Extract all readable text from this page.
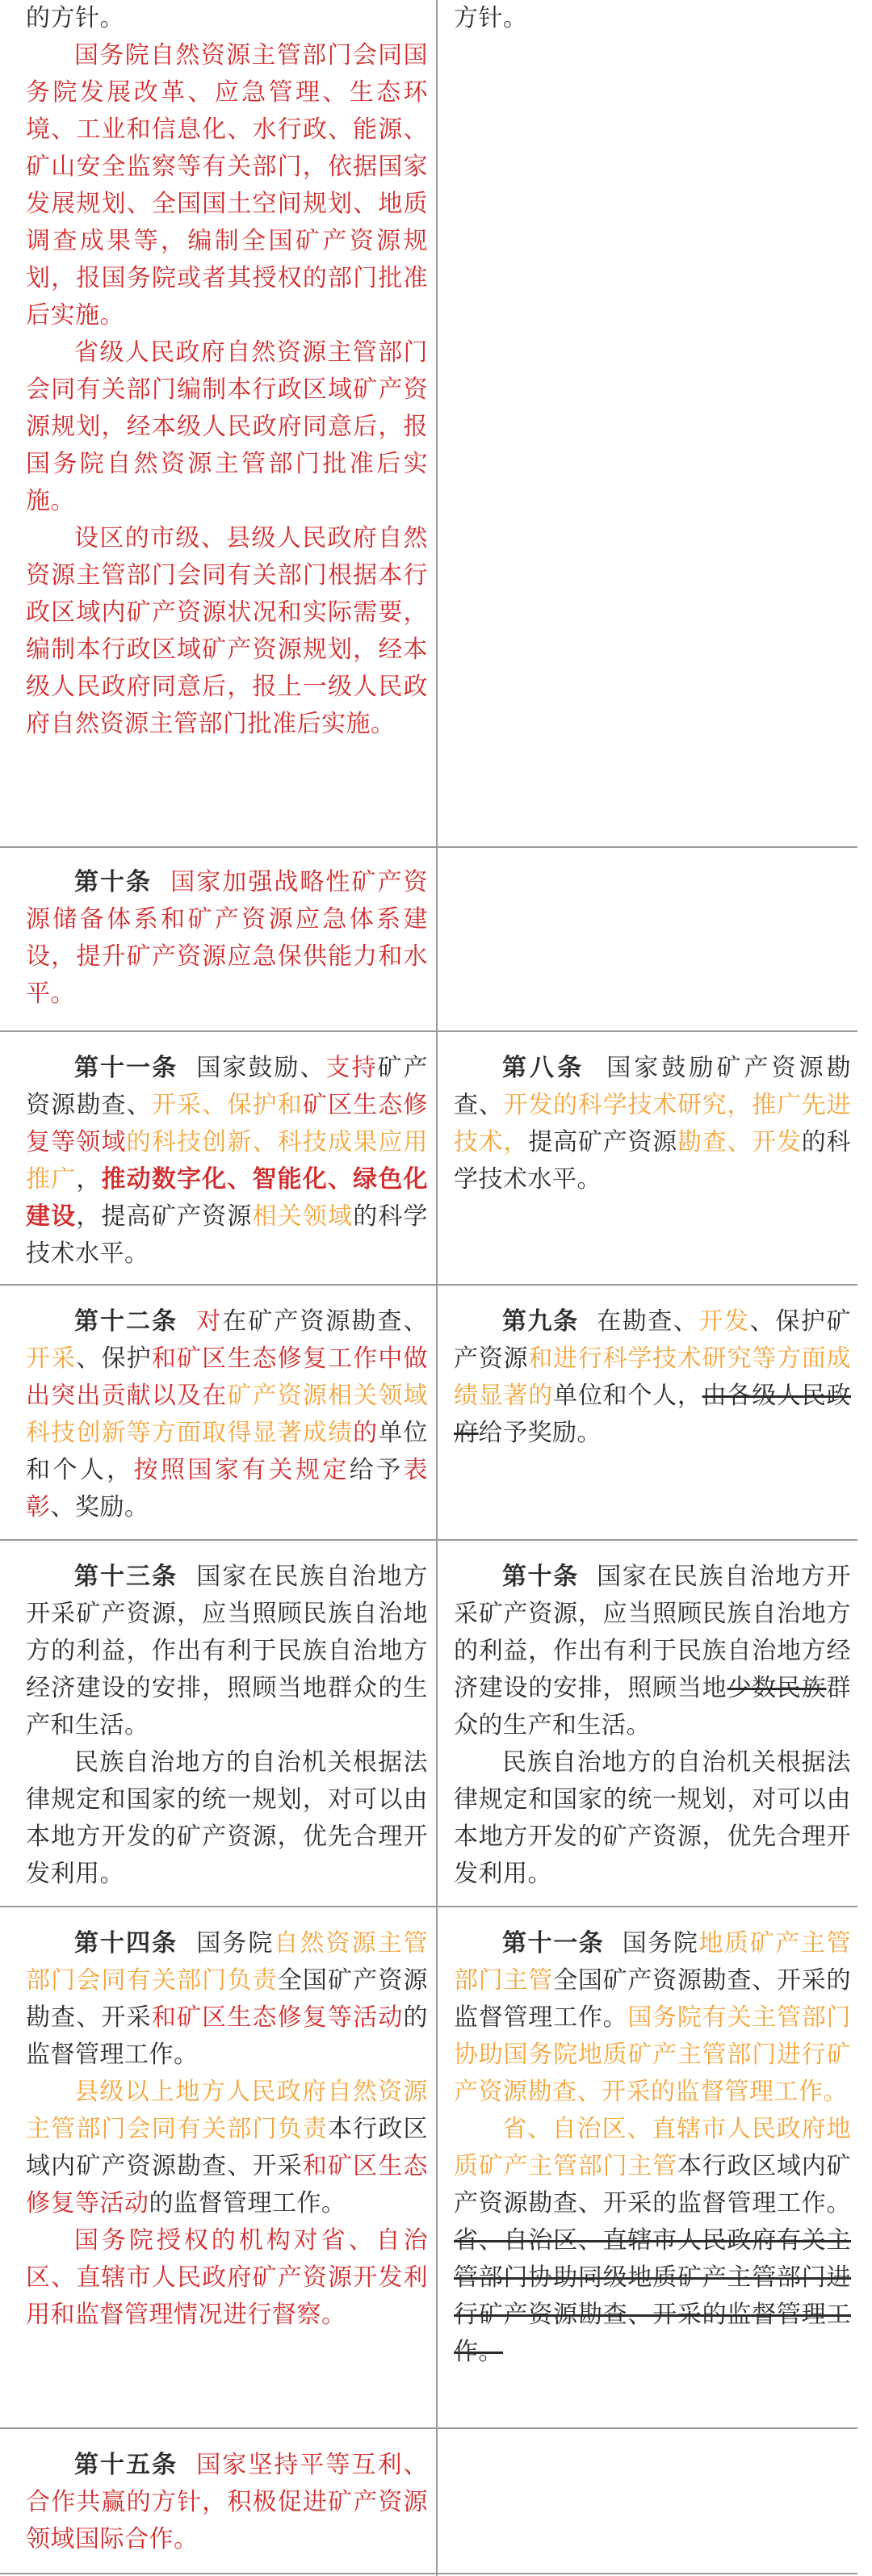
的方针。

国务院自然资源主管部门会同国务院发展改革、应急管理、生态环境、工业和信息化、水行政、能源、矿山安全监察等有关部门，依据国家发展规划、全国国土空间规划、地质调查成果等，编制全国矿产资源规划，报国务院或者其授权的部门批准后实施。

省级人民政府自然资源主管部门会同有关部门编制本行政区域矿产资源规划，经本级人民政府同意后，报国务院自然资源主管部门批准后实施。

设区的市级、县级人民政府自然资源主管部门会同有关部门根据本行政区域内矿产资源状况和实际需要，编制本行政区域矿产资源规划，经本级人民政府同意后，报上一级人民政府自然资源主管部门批准后实施。

方针。

第十条 国家加强战略性矿产资源储备体系和矿产资源应急体系建设，提升矿产资源应急保供能力和水平。

第十一条 国家鼓励、支持矿产资源勘查、开采、保护和矿区生态修复等领域的科技创新、科技成果应用推广，推动数字化、智能化、绿色化建设，提高矿产资源相关领域的科学技术水平。

第八条 国家鼓励矿产资源勘查、开发的科学技术研究，推广先进技术，提高矿产资源勘查、开发的科学技术水平。

第十二条 对在矿产资源勘查、开采、保护和矿区生态修复工作中做出突出贡献以及在矿产资源相关领域科技创新等方面取得显著成绩的单位和个人，按照国家有关规定给予表彰、奖励。

第九条 在勘查、开发、保护矿产资源和进行科学技术研究等方面成绩显著的单位和个人，由各级人民政府给予奖励。

第十三条 国家在民族自治地方开采矿产资源，应当照顾民族自治地方的利益，作出有利于民族自治地方经济建设的安排，照顾当地群众的生产和生活。

民族自治地方的自治机关根据法律规定和国家的统一规划，对可以由本地方开发的矿产资源，优先合理开发利用。

第十条 国家在民族自治地方开采矿产资源，应当照顾民族自治地方的利益，作出有利于民族自治地方经济建设的安排，照顾当地少数民族群众的生产和生活。

民族自治地方的自治机关根据法律规定和国家的统一规划，对可以由本地方开发的矿产资源，优先合理开发利用。

第十四条 国务院自然资源主管部门会同有关部门负责全国矿产资源勘查、开采和矿区生态修复等活动的监督管理工作。

县级以上地方人民政府自然资源主管部门会同有关部门负责本行政区域内矿产资源勘查、开采和矿区生态修复等活动的监督管理工作。

国务院授权的机构对省、自治区、直辖市人民政府矿产资源开发利用和监督管理情况进行督察。

第十一条 国务院地质矿产主管部门主管全国矿产资源勘查、开采的监督管理工作。国务院有关主管部门协助国务院地质矿产主管部门进行矿产资源勘查、开采的监督管理工作。

省、自治区、直辖市人民政府地质矿产主管部门主管本行政区域内矿产资源勘查、开采的监督管理工作。省、自治区、直辖市人民政府有关主管部门协助同级地质矿产主管部门进行矿产资源勘查、开采的监督管理工作。

第十五条 国家坚持平等互利、合作共赢的方针，积极促进矿产资源领域国际合作。
